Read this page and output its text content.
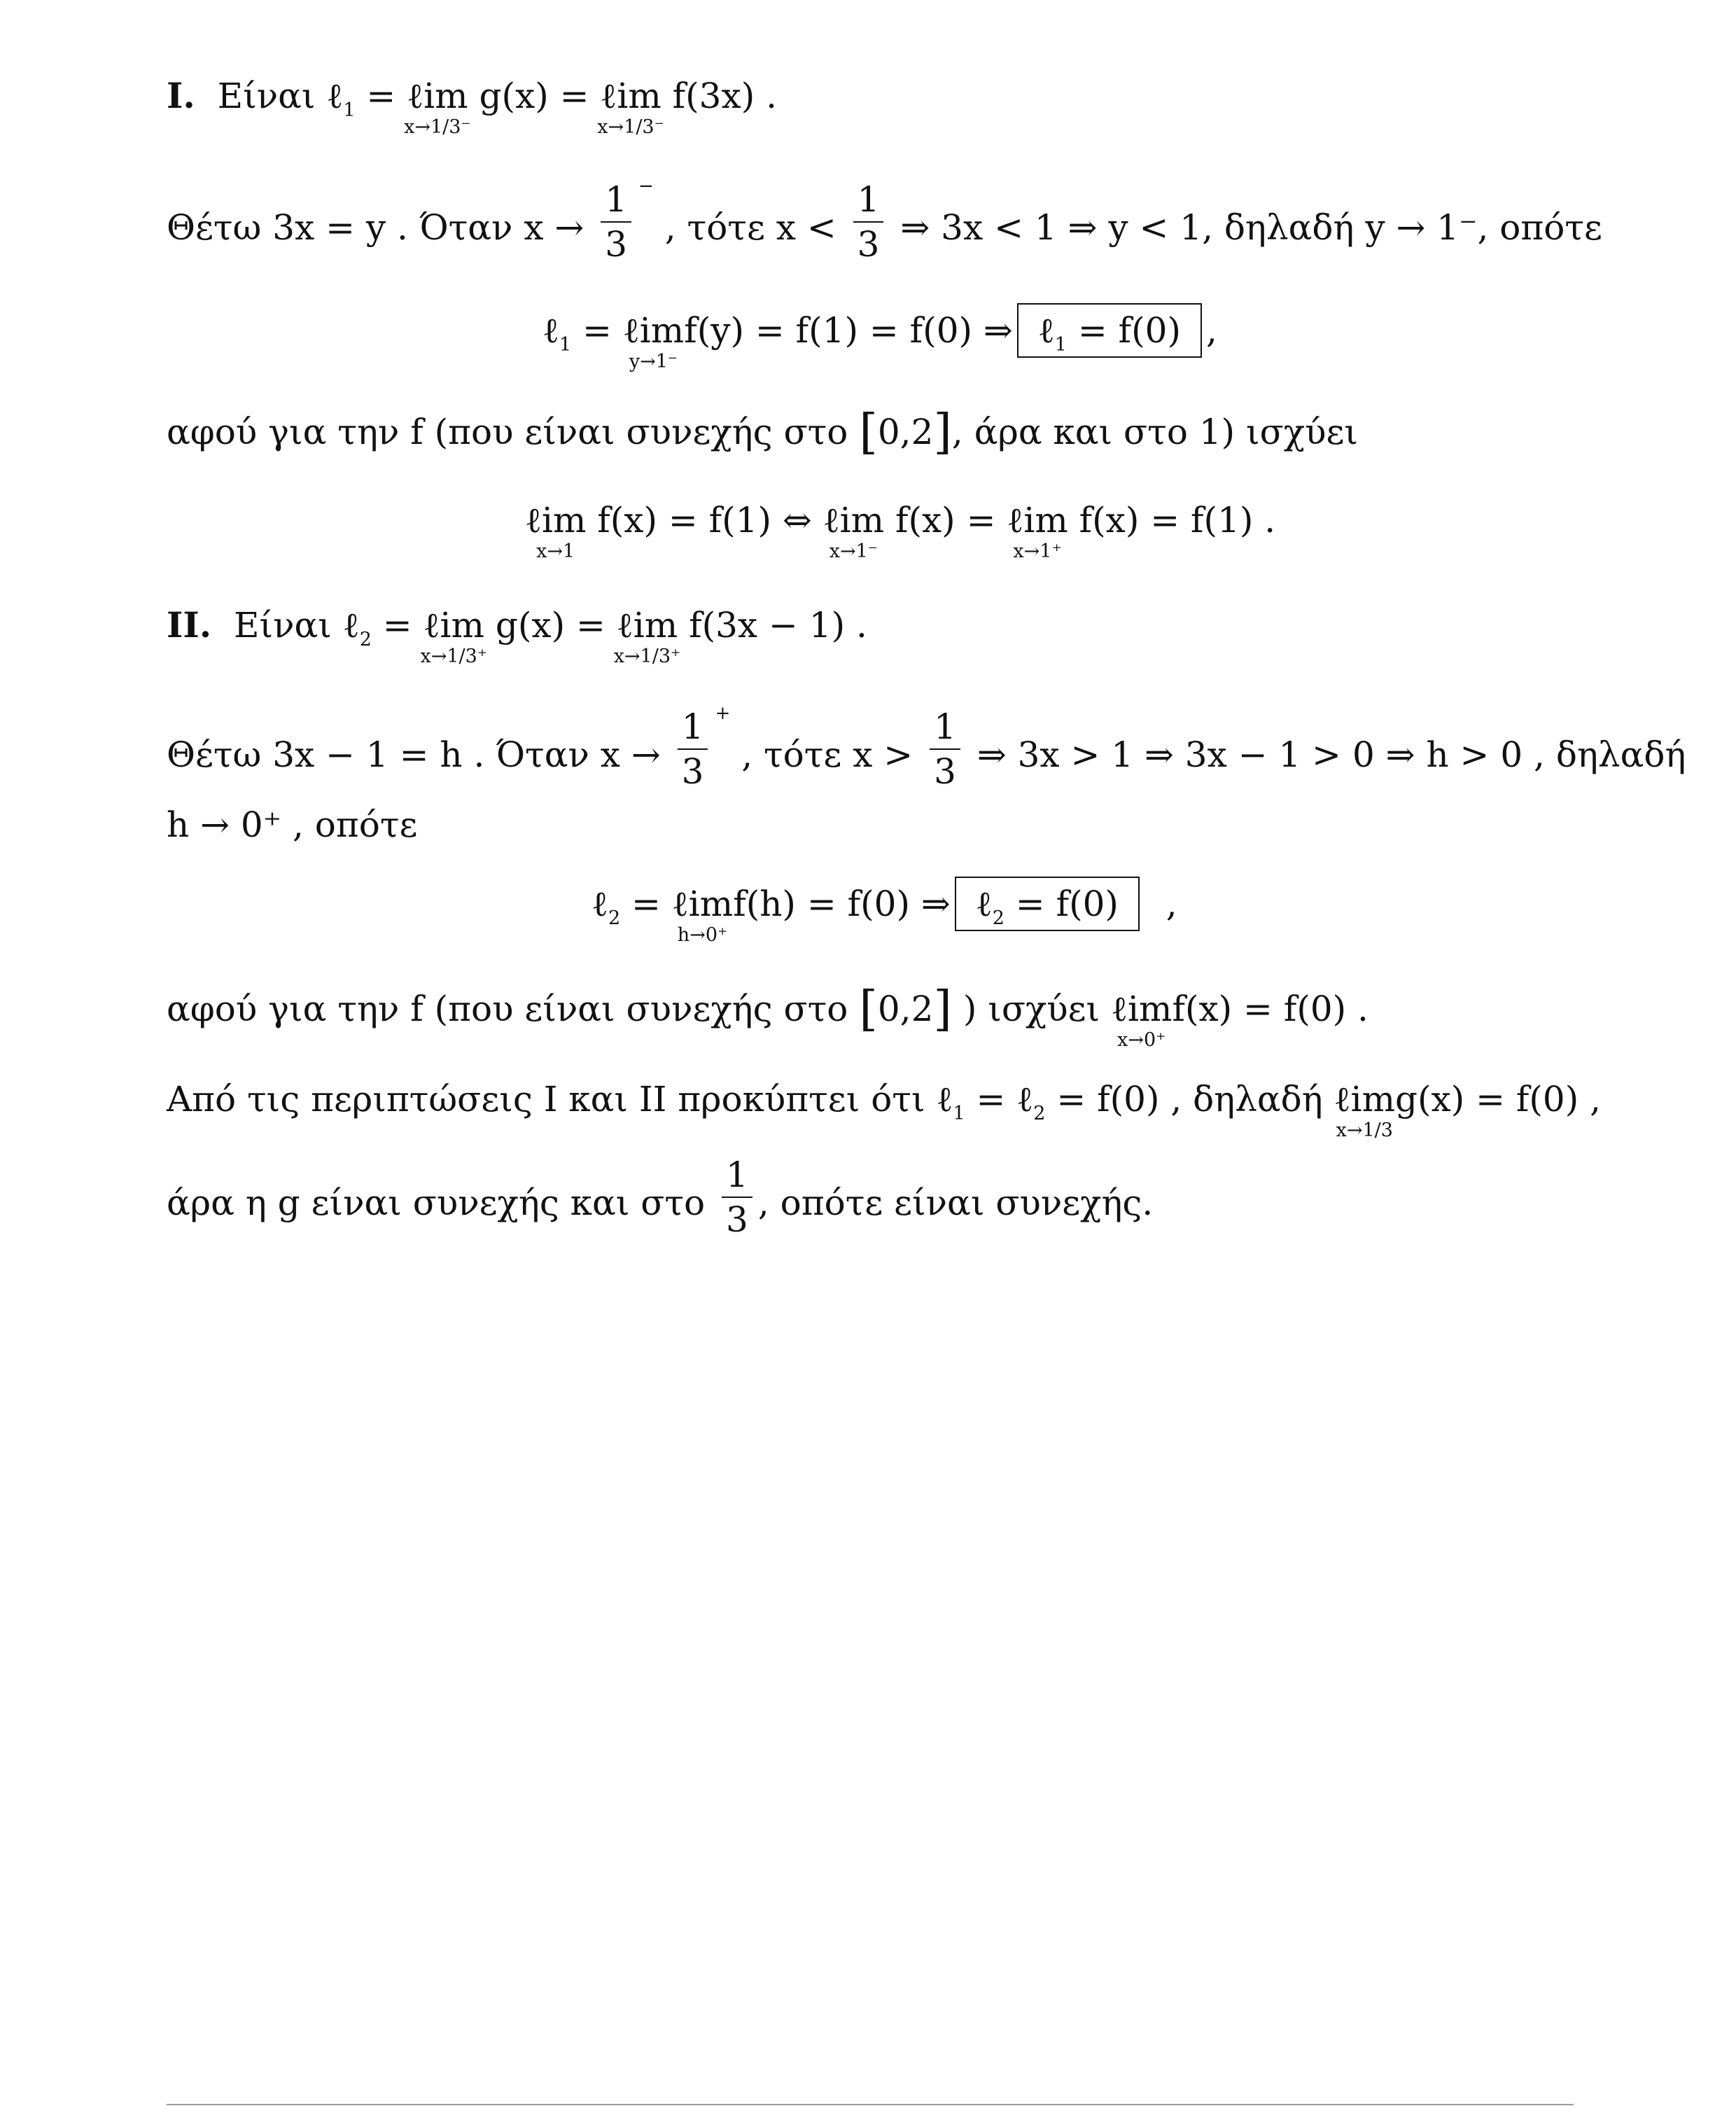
I. Είναι ℓ$_1$ = ℓim
x→1/3⁻
g(x) = ℓim
x→1/3⁻
f(3x) .
Θέτω 3x = y . Όταν $x \to \frac{1}{3} ^-$ , τότε $x < \frac{1}{3}$ ⇒ 3x < 1 ⇒ y < 1, δηλαδή y → 1⁻, οπότε
ℓ$_1$ = ℓim
y→1⁻
f(y) = f(1) = f(0) ⇒ ℓ$_1$ = f(0) ,
αφού για την f (που είναι συνεχής στο [0,2], άρα και στο 1) ισχύει
ℓim
x→1
f(x) = f(1) ⇔ ℓim
x→1⁻
f(x) = ℓim
x→1⁺
f(x) = f(1) .
II. Είναι ℓ$_2$ = ℓim
x→1/3⁺
g(x) = ℓim
x→1/3⁺
f(3x − 1) .
Θέτω 3x − 1 = h . Όταν $x \to \frac{1}{3} ^+$ , τότε $x > \frac{1}{3}$ ⇒ 3x > 1 ⇒ 3x − 1 > 0 ⇒ h > 0 , δηλαδή
h → 0⁺ , οπότε
ℓ$_2$ = ℓim
h→0⁺
f(h) = f(0) ⇒ ℓ$_2$ = f(0) ,
αφού για την f (που είναι συνεχής στο [0,2] ) ισχύει ℓim
x→0⁺
f(x) = f(0) .
Από τις περιπτώσεις Ι και ΙΙ προκύπτει ότι ℓ$_1$ = ℓ$_2$ = f(0) , δηλαδή ℓim
x→1/3
g(x) = f(0) ,
άρα η g είναι συνεχής και στο $\frac{1}{3}$ , οπότε είναι συνεχής.
